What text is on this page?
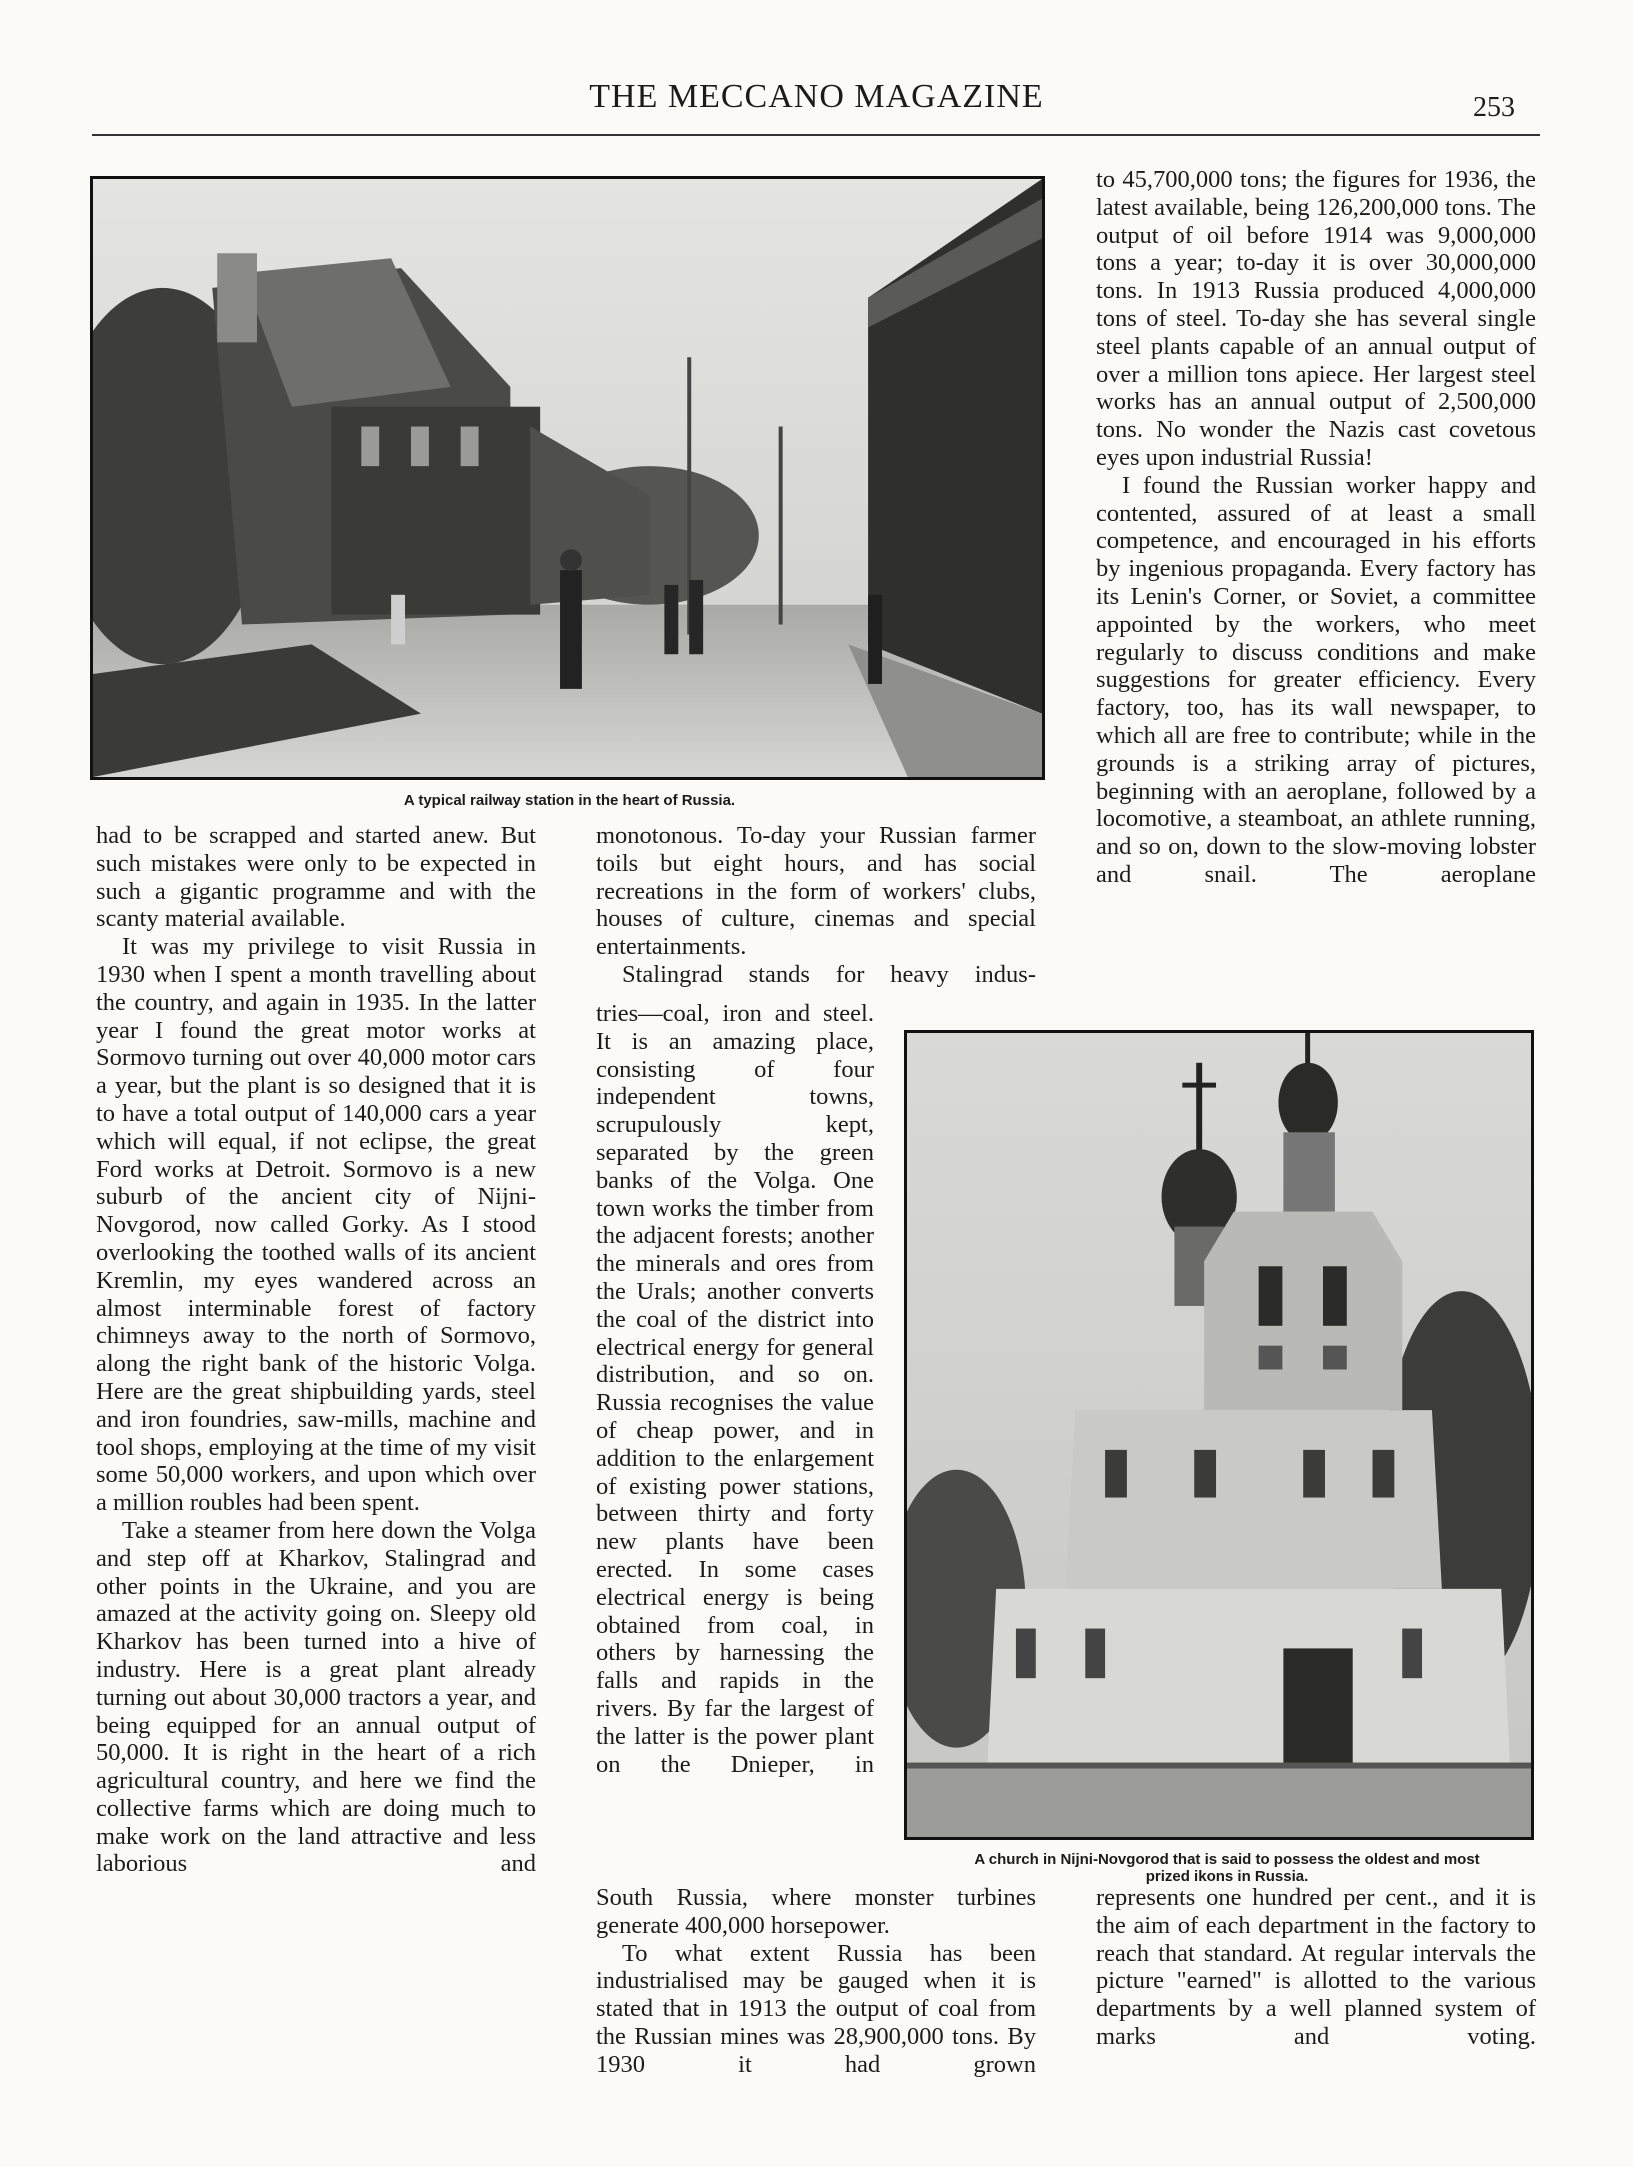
THE MECCANO MAGAZINE	253
A typical railway station in the heart of Russia.
A church in Nijni-Novgorod that is said to possess the oldest and most
prized ikons in Russia.

had to be scrapped and started anew. But such mistakes were only to be expected in such a gigantic programme and with the scanty material available.

It was my privilege to visit Russia in 1930 when I spent a month travelling about the country, and again in 1935. In the latter year I found the great motor works at Sormovo turning out over 40,000 motor cars a year, but the plant is so designed that it is to have a total output of 140,000 cars a year which will equal, if not eclipse, the great Ford works at Detroit. Sormovo is a new suburb of the ancient city of Nijni-Novgorod, now called Gorky. As I stood overlooking the toothed walls of its ancient Kremlin, my eyes wandered across an almost interminable forest of factory chimneys away to the north of Sormovo, along the right bank of the historic Volga. Here are the great shipbuilding yards, steel and iron foundries, saw-mills, machine and tool shops, employing at the time of my visit some 50,000 workers, and upon which over a million roubles had been spent.

Take a steamer from here down the Volga and step off at Kharkov, Stalingrad and other points in the Ukraine, and you are amazed at the activity going on. Sleepy old Kharkov has been turned into a hive of industry. Here is a great plant already turning out about 30,000 tractors a year, and being equipped for an annual output of 50,000. It is right in the heart of a rich agricultural country, and here we find the collective farms which are doing much to make work on the land attractive and less laborious and

monotonous. To-day your Russian farmer toils but eight hours, and has social recreations in the form of workers' clubs, houses of culture, cinemas and special entertainments.

Stalingrad stands for heavy indus-

tries—coal, iron and steel. It is an amazing place, consisting of four independent towns, scrupulously kept, separated by the green banks of the Volga. One town works the timber from the adjacent forests; another the minerals and ores from the Urals; another converts the coal of the district into electrical energy for general distribution, and so on. Russia recognises the value of cheap power, and in addition to the enlargement of existing power stations, between thirty and forty new plants have been erected. In some cases electrical energy is being obtained from coal, in others by harnessing the falls and rapids in the rivers. By far the largest of the latter is the power plant on the Dnieper, in

South Russia, where monster turbines generate 400,000 horsepower.

To what extent Russia has been industrialised may be gauged when it is stated that in 1913 the output of coal from the Russian mines was 28,900,000 tons. By 1930 it had grown

to 45,700,000 tons; the figures for 1936, the latest available, being 126,200,000 tons. The output of oil before 1914 was 9,000,000 tons a year; to-day it is over 30,000,000 tons. In 1913 Russia produced 4,000,000 tons of steel. To-day she has several single steel plants capable of an annual output of over a million tons apiece. Her largest steel works has an annual output of 2,500,000 tons. No wonder the Nazis cast covetous eyes upon industrial Russia!

I found the Russian worker happy and contented, assured of at least a small competence, and encouraged in his efforts by ingenious propaganda. Every factory has its Lenin's Corner, or Soviet, a committee appointed by the workers, who meet regularly to discuss conditions and make suggestions for greater efficiency. Every factory, too, has its wall newspaper, to which all are free to contribute; while in the grounds is a striking array of pictures, beginning with an aeroplane, followed by a locomotive, a steamboat, an athlete running, and so on, down to the slow-moving lobster and snail. The aeroplane

represents one hundred per cent., and it is the aim of each department in the factory to reach that standard. At regular intervals the picture "earned" is allotted to the various departments by a well planned system of marks and voting.
